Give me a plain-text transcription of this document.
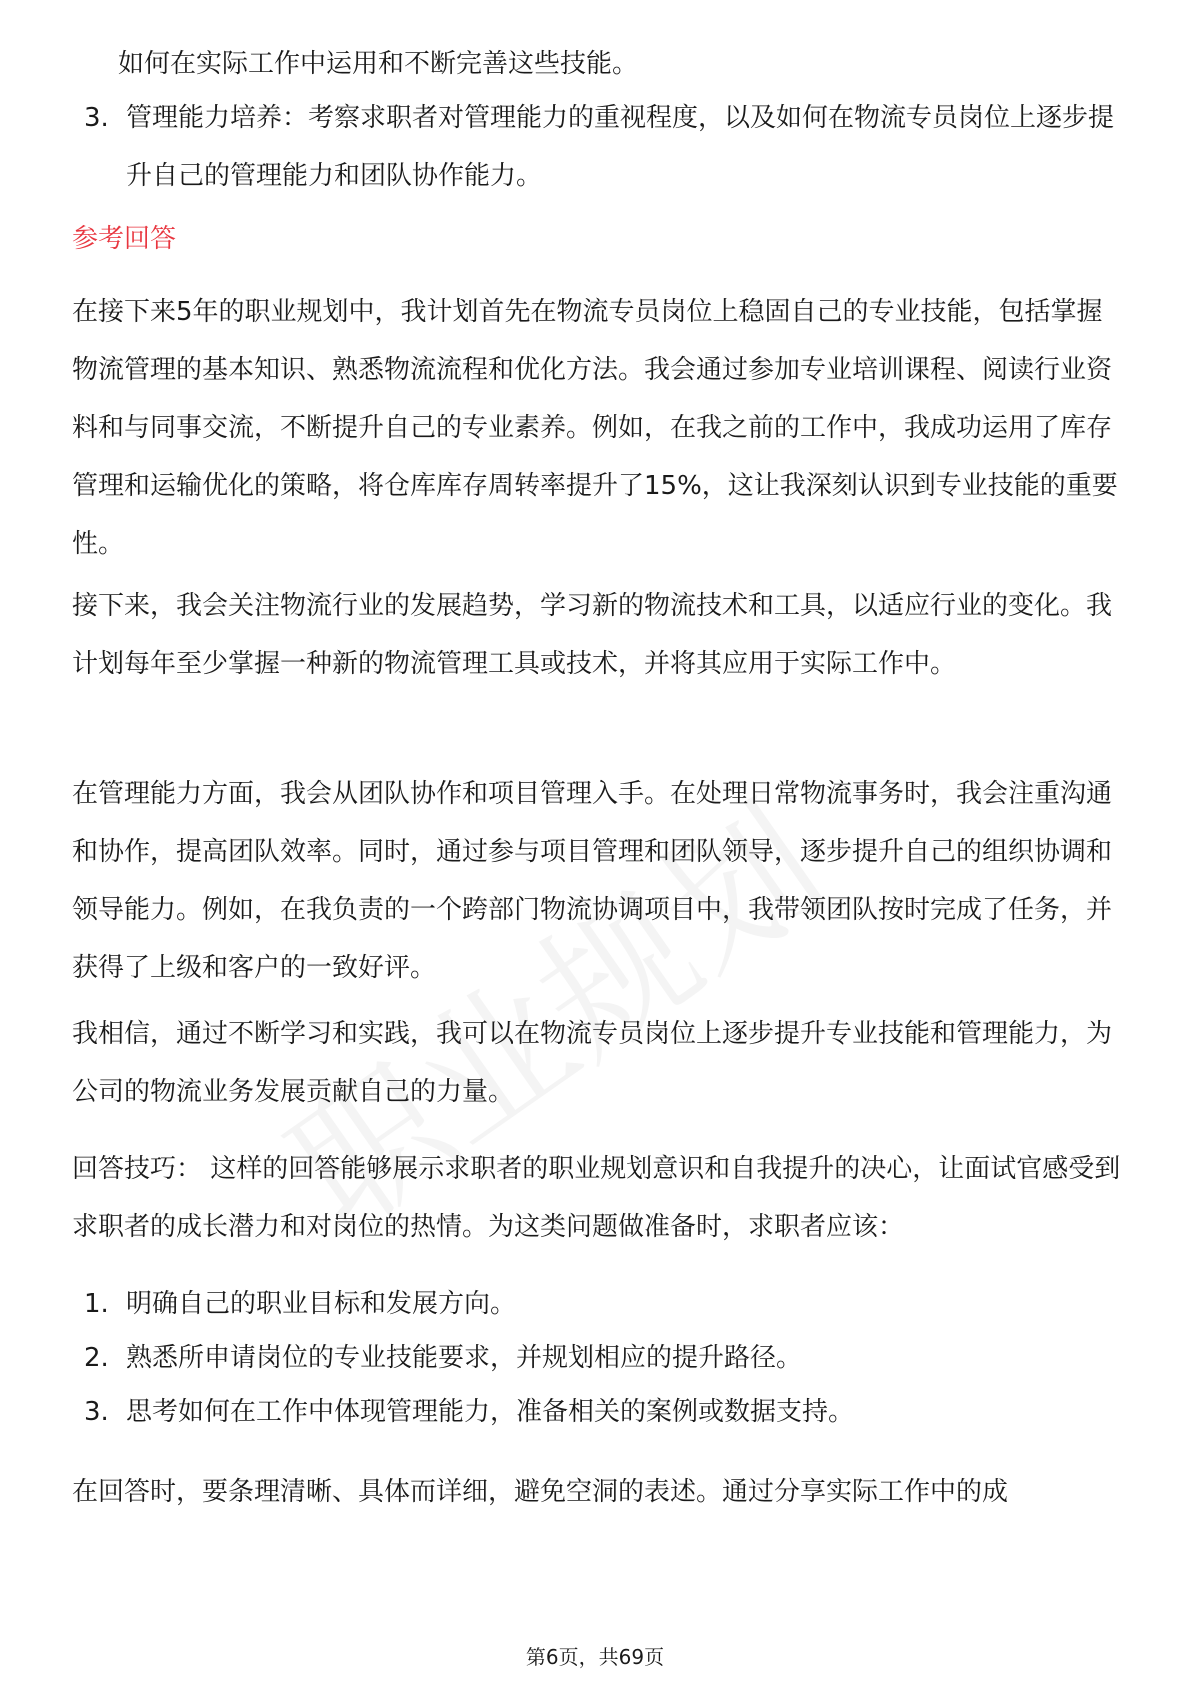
如何在实际工作中运用和不断完善这些技能。

3. 管理能力培养：考察求职者对管理能力的重视程度，以及如何在物流专员岗位上逐步提升自己的管理能力和团队协作能力。
参考回答

在接下来5年的职业规划中，我计划首先在物流专员岗位上稳固自己的专业技能，包括掌握物流管理的基本知识、熟悉物流流程和优化方法。我会通过参加专业培训课程、阅读行业资料和与同事交流，不断提升自己的专业素养。例如，在我之前的工作中，我成功运用了库存管理和运输优化的策略，将仓库库存周转率提升了15%，这让我深刻认识到专业技能的重要性。

接下来，我会关注物流行业的发展趋势，学习新的物流技术和工具，以适应行业的变化。我计划每年至少掌握一种新的物流管理工具或技术，并将其应用于实际工作中。

在管理能力方面，我会从团队协作和项目管理入手。在处理日常物流事务时，我会注重沟通和协作，提高团队效率。同时，通过参与项目管理和团队领导，逐步提升自己的组织协调和领导能力。例如，在我负责的一个跨部门物流协调项目中，我带领团队按时完成了任务，并获得了上级和客户的一致好评。

我相信，通过不断学习和实践，我可以在物流专员岗位上逐步提升专业技能和管理能力，为公司的物流业务发展贡献自己的力量。

回答技巧： 这样的回答能够展示求职者的职业规划意识和自我提升的决心，让面试官感受到求职者的成长潜力和对岗位的热情。为这类问题做准备时，求职者应该：

1. 明确自己的职业目标和发展方向。
2. 熟悉所申请岗位的专业技能要求，并规划相应的提升路径。
3. 思考如何在工作中体现管理能力，准备相关的案例或数据支持。

在回答时，要条理清晰、具体而详细，避免空洞的表述。通过分享实际工作中的成

第6页，共69页
